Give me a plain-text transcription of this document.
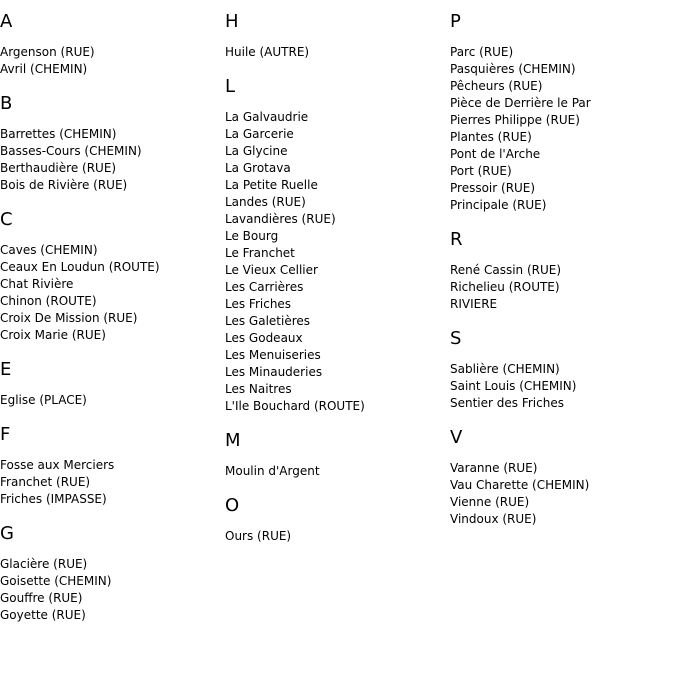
A
Argenson (RUE)
Avril (CHEMIN)
B
Barrettes (CHEMIN)
Basses-Cours (CHEMIN)
Berthaudière (RUE)
Bois de Rivière (RUE)
C
Caves (CHEMIN)
Ceaux En Loudun (ROUTE)
Chat Rivière
Chinon (ROUTE)
Croix De Mission (RUE)
Croix Marie (RUE)
E
Eglise (PLACE)
F
Fosse aux Merciers
Franchet (RUE)
Friches (IMPASSE)
G
Glacière (RUE)
Goisette (CHEMIN)
Gouffre (RUE)
Goyette (RUE)
H
Huile (AUTRE)
L
La Galvaudrie
La Garcerie
La Glycine
La Grotava
La Petite Ruelle
Landes (RUE)
Lavandières (RUE)
Le Bourg
Le Franchet
Le Vieux Cellier
Les Carrières
Les Friches
Les Galetières
Les Godeaux
Les Menuiseries
Les Minauderies
Les Naitres
L'Ile Bouchard (ROUTE)
M
Moulin d'Argent
O
Ours (RUE)
P
Parc (RUE)
Pasquières (CHEMIN)
Pêcheurs (RUE)
Pièce de Derrière le Par
Pierres Philippe (RUE)
Plantes (RUE)
Pont de l'Arche
Port (RUE)
Pressoir (RUE)
Principale (RUE)
R
René Cassin (RUE)
Richelieu (ROUTE)
RIVIERE
S
Sablière (CHEMIN)
Saint Louis (CHEMIN)
Sentier des Friches
V
Varanne (RUE)
Vau Charette (CHEMIN)
Vienne (RUE)
Vindoux (RUE)
